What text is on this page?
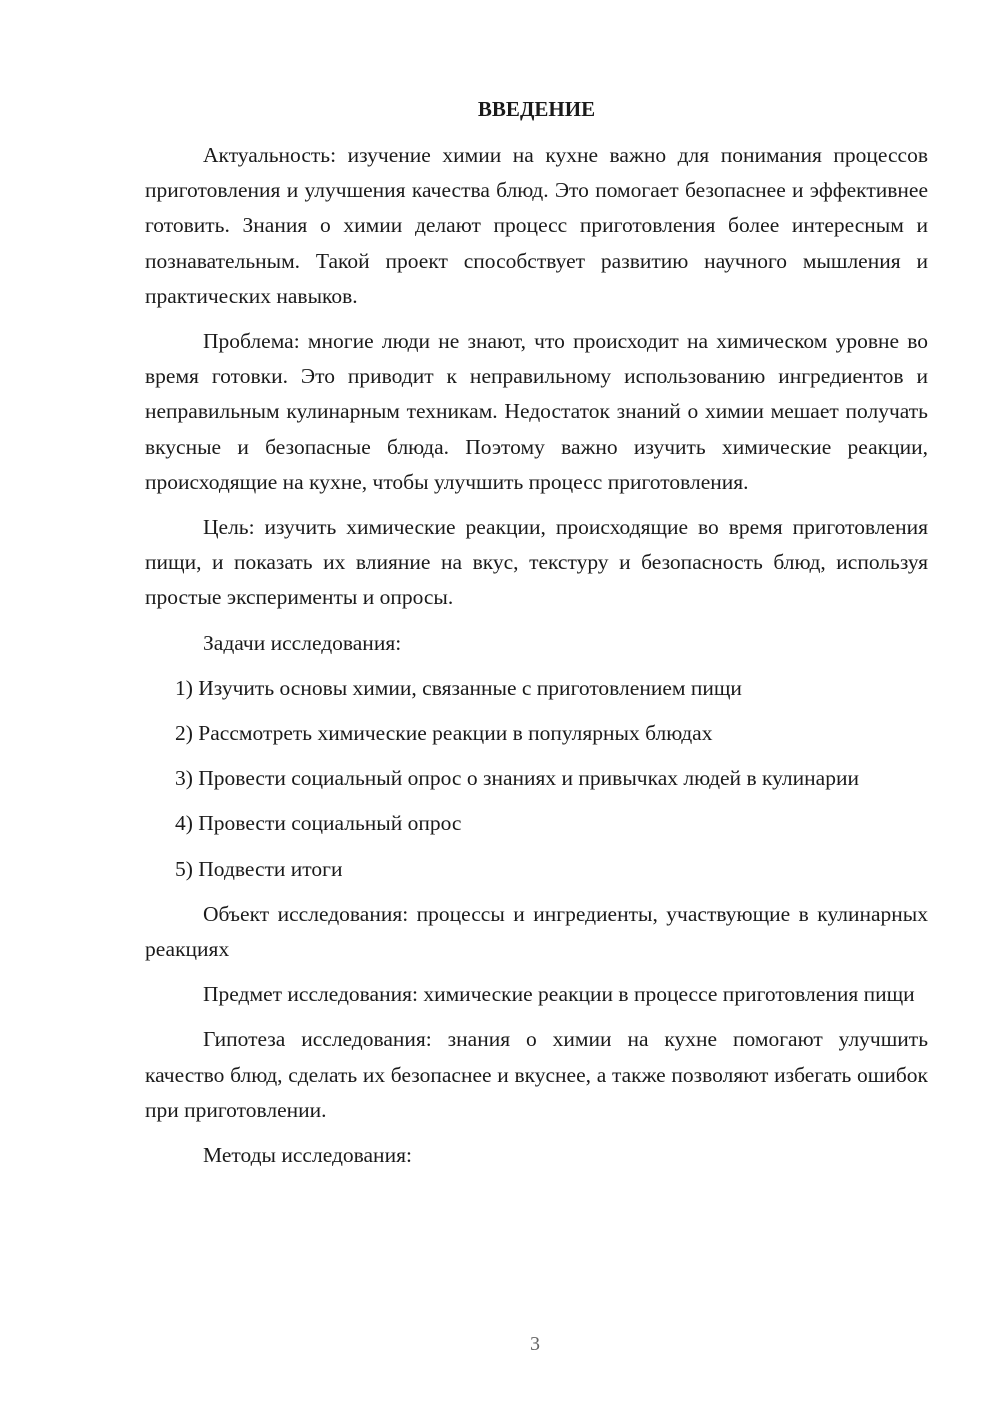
ВВЕДЕНИЕ

Актуальность: изучение химии на кухне важно для понимания процессов приготовления и улучшения качества блюд. Это помогает безопаснее и эффективнее готовить. Знания о химии делают процесс приготовления более интересным и познавательным. Такой проект способствует развитию научного мышления и практических навыков.

Проблема: многие люди не знают, что происходит на химическом уровне во время готовки. Это приводит к неправильному использованию ингредиентов и неправильным кулинарным техникам. Недостаток знаний о химии мешает получать вкусные и безопасные блюда. Поэтому важно изучить химические реакции, происходящие на кухне, чтобы улучшить процесс приготовления.

Цель: изучить химические реакции, происходящие во время приготовления пищи, и показать их влияние на вкус, текстуру и безопасность блюд, используя простые эксперименты и опросы.

Задачи исследования:

1) Изучить основы химии, связанные с приготовлением пищи

2) Рассмотреть химические реакции в популярных блюдах

3) Провести социальный опрос о знаниях и привычках людей в кулинарии

4) Провести социальный опрос

5) Подвести итоги

Объект исследования: процессы и ингредиенты, участвующие в кулинарных реакциях

Предмет исследования: химические реакции в процессе приготовления пищи

Гипотеза исследования: знания о химии на кухне помогают улучшить качество блюд, сделать их безопаснее и вкуснее, а также позволяют избегать ошибок при приготовлении.

Методы исследования:

3
